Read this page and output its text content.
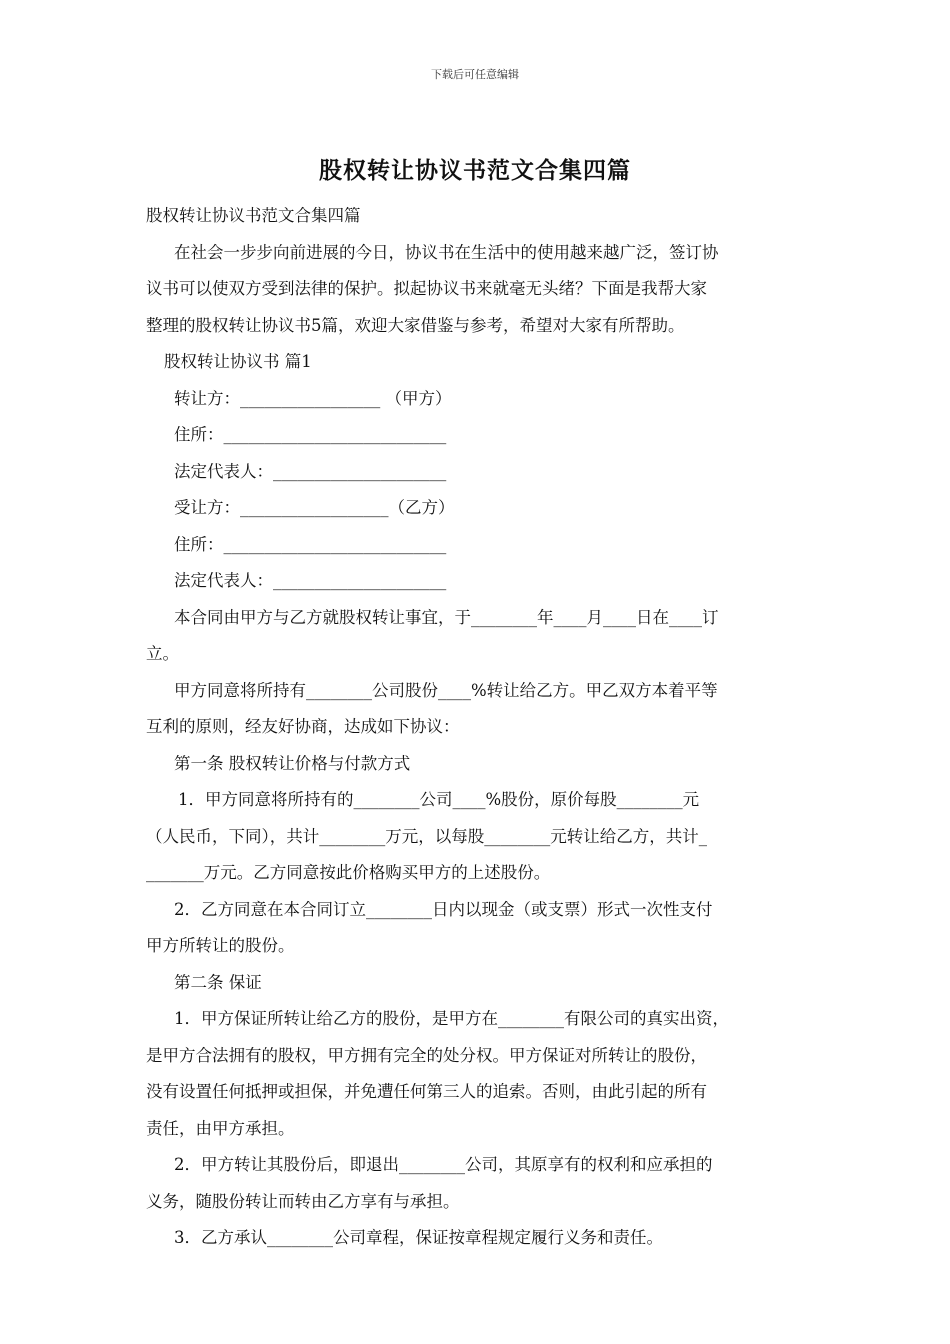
下载后可任意编辑
股权转让协议书范文合集四篇

股权转让协议书范文合集四篇

在社会一步步向前进展的今日，协议书在生活中的使用越来越广泛，签订协

议书可以使双方受到法律的保护。拟起协议书来就毫无头绪？下面是我帮大家

整理的股权转让协议书5篇，欢迎大家借鉴与参考，希望对大家有所帮助。

股权转让协议书 篇1

转让方：_________________ （甲方）

住所：___________________________

法定代表人：_____________________

受让方：__________________（乙方）

住所：___________________________

法定代表人：_____________________

本合同由甲方与乙方就股权转让事宜，于________年____月____日在____订

立。

甲方同意将所持有________公司股份____%转让给乙方。甲乙双方本着平等

互利的原则，经友好协商，达成如下协议：

第一条 股权转让价格与付款方式

1．甲方同意将所持有的________公司____%股份，原价每股________元

（人民币，下同），共计________万元，以每股________元转让给乙方，共计_

_______万元。乙方同意按此价格购买甲方的上述股份。

2．乙方同意在本合同订立________日内以现金（或支票）形式一次性支付

甲方所转让的股份。

第二条 保证

1．甲方保证所转让给乙方的股份，是甲方在________有限公司的真实出资，

是甲方合法拥有的股权，甲方拥有完全的处分权。甲方保证对所转让的股份，

没有设置任何抵押或担保，并免遭任何第三人的追索。否则，由此引起的所有

责任，由甲方承担。

2．甲方转让其股份后，即退出________公司，其原享有的权利和应承担的

义务，随股份转让而转由乙方享有与承担。

3．乙方承认________公司章程，保证按章程规定履行义务和责任。
